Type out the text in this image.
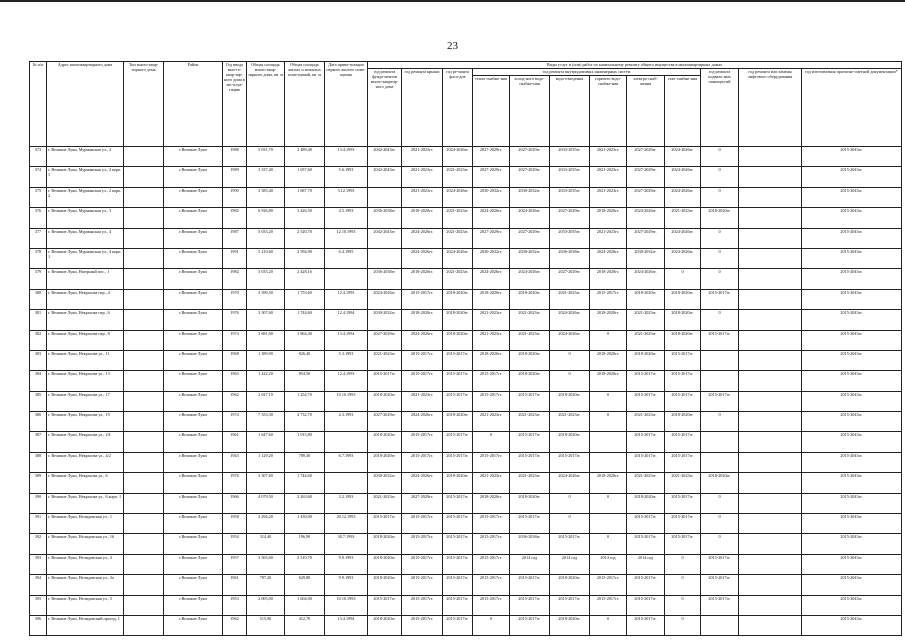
23
№ п/п	Адрес многоквартирного дома	Тип много-квар-тирного дома	Район	Год ввода мно-го-квар-тир-ного дома в экс-плуа-тацию	Общая площадь много-квар-тирного дома, кв. м	Общая площадь жилых и нежилых поме-щений, кв. м	Дата прива-тизации первого жилого поме-щения	Виды услуг и (или) работ по капитальному ремонту общего имущества в многоквартирных домах											
								год ремонта фунда-ментов много-квартир-ного дома	год ремонта крыши	год ре-монта фаса-дов	год ремонта внутридомовых инженерных систем						год ремонта подваль-ных помещен-ий	год ремонта или замены лифтового оборудования	год изготовления проектно-сметной документации*
											тепло-снабже-ния	холод-ного водо-снабже-ния	водо-отведения	горячего водо-снабже-ния	электро-снаб-жения	газо-снабже-ния			
373	г. Великие Луки, Мурманская ул., 2		г.Великие Луки	1988	5 031,70	2 489,40	13.4.1993	2042-2043гг.	2021-2023гг.	2024-2026гг.	2027-2029гг.	2027-2029гг.	2033-2035гг.	2021-2023гг.	2027-2029гг.	2024-2026гг.	0		2015-2043гг.
374	г. Великие Луки, Мурманская ул., 2 корп. 1		г.Великие Луки	1989	3 337,40	1 657,60	5.6.1993	2042-2043гг.	2021-2023гг.	2021-2023гг.	2027-2029гг.	2027-2029гг.	2033-2035гг.	2021-2023гг.	2027-2029гг.	2024-2026гг.	0		2015-2043гг.
375	г. Великие Луки, Мурманская ул., 2 корп. 2		г.Великие Луки	1990	3 385,40	1 687,70	3.12.1993		2021-2023гг.	2024-2026гг.	2030-2032гг.	2030-2032гг.	2033-2035гг.	2021-2023гг.	2027-2029гг.	2024-2026гг.	0		2015-2043гг.
376	г. Великие Луки, Мурманская ул., 3		г.Великие Луки	1982	6 926,80	3 426,50	4.5.1993	2036-2038гг.	2018-2020гг.	2021-2023гг.	2024-2026гг.	2024-2026гг.	2027-2029гг.	2018-2020гг.	2024-2026гг.	2021-2023гг.	2018-2020гг.		2015-2043гг.
377	г. Великие Луки, Мурманская ул., 4		г.Великие Луки	1987	5 033,20	2 520,70	12.10.1993	2042-2043гг.	2024-2026гг.	2021-2023гг.	2027-2029гг.	2027-2029гг.	2033-2035гг.	2021-2023гг.	2027-2029гг.	2024-2026гг.	0		2015-2043гг.
378	г. Великие Луки, Мурманская ул., 4 корп. 1		г.Великие Луки	1991	5 210,60	2 594,90	6.4.1995		2024-2026гг.	2024-2026гг.	2030-2032гг.	2030-2032гг.	2036-2038гг.	2024-2026гг.	2030-2032гг.	2024-2026гг.	0		2015-2043гг.
379	г. Великие Луки, Нагорный пос., 1		г.Великие Луки	1982	3 035,20	2 428,16		2036-2038гг.	2018-2020гг.	2021-2023гг.	2024-2026гг.	2024-2026гг.	2027-2029гг.	2018-2020гг.	2024-2026гг.	0	0		2015-2043гг.
380	г. Великие Луки, Некрасова пер., 4		г.Великие Луки	1970	3 399,50	1 753,60	12.4.1993	2024-2026гг.	2015-2017гг.	2018-2020гг.	2018-2020гг.	2018-2020гг.	2021-2023гг.	2015-2017гг.	2018-2020гг.	2018-2020гг.	2015-2017гг.		2015-2043гг.
381	г. Великие Луки, Некрасова пер., 6		г.Великие Луки	1976	3 307,60	1 744,60	12.4.1994	2030-2032гг.	2018-2020гг.	2018-2020гг.	2021-2023гг.	2021-2023гг.	2024-2026гг.	2018-2020гг.	2021-2023гг.	2018-2020гг.	0		2015-2043гг.
382	г. Великие Луки, Некрасова пер., 8		г.Великие Луки	1974	3 681,00	1 864,40	13.4.1994	2027-2029гг.	2024-2026гг.	2018-2020гг.	2021-2023гг.	2021-2023гг.	2024-2026гг.	0	2021-2023гг.	2018-2020гг.	2015-2017гг.		2015-2043гг.
383	г. Великие Луки, Некрасова ул., 11		г.Великие Луки	1968	1 389,90	826,40	5.3.1993	2021-2023гг.	2015-2017гг.	2015-2017гг.	2018-2020гг.	2018-2020гг.	0	2018-2020гг.	2018-2020гг.	2015-2017гг.			2015-2043гг.
384	г. Великие Луки, Некрасова ул., 13		г.Великие Луки	1963	1 422,20	854,50	12.4.1993	2015-2017гг.	2015-2017гг.	2015-2017гг.	2015-2017гг.	2018-2020гг.	0	2018-2020гг.	2015-2017гг.	2015-2017гг.			2015-2043гг.
385	г. Великие Луки, Некрасова ул., 17		г.Великие Луки	1962	2 027,10	1 254,70	10.10.1993	2018-2020гг.	2021-2023гг.	2015-2017гг.	2015-2017гг.	2015-2017гг.	2018-2020гг.	0	2015-2017гг.	2015-2017гг.	2015-2017гг.		2015-2043гг.
386	г. Великие Луки, Некрасова ул., 19		г.Великие Луки	1974	7 353,30	4 732,70	4.3.1993	2027-2029гг.	2024-2026гг.	2018-2020гг.	2021-2023гг.	2021-2023гг.	2021-2023гг.	0	2021-2023гг.	2018-2020гг.	0		2015-2043гг.
387	г. Великие Луки, Некрасова ул., 2А		г.Великие Луки	1961	1 647,60	1 015,80		2018-2020гг.	2015-2017гг.	2015-2017гг.	0	2015-2017гг.	2018-2020гг.		2015-2017гг.	2015-2017гг.			2015-2043гг.
388	г. Великие Луки, Некрасова ул., 4/2		г.Великие Луки	1943	1 129,20	789,30	6.7.1993	2018-2020гг.	2015-2017гг.	2015-2017гг.	2015-2017гг.	2015-2017гг.	2015-2017гг.		2015-2017гг.	2015-2017гг.			2015-2043гг.
389	г. Великие Луки, Некрасова ул., 6		г.Великие Луки	1976	3 307,60	1 744,60		2030-2032гг.	2024-2026гг.	2018-2020гг.	2021-2023гг.	2021-2023гг.	2024-2026гг.	2018-2020гг.	2021-2023гг.	2021-2023гг.	2018-2020гг.		2015-2043гг.
390	г. Великие Луки, Некрасова ул., 6 корп. 1		г.Великие Луки	1966	4 079,50	3 263,60	3.2.1993	2021-2023гг.	2027-2029гг.	2015-2017гг.	2018-2020гг.	2018-2020гг.	0	0	2018-2020гг.	2015-2017гг.	0		2015-2043гг.
391	г. Великие Луки, Нелидовская ул., 1		г.Великие Луки	1958	2 294,20	1 430,00	20.12.1993	2015-2017гг.	2015-2017гг.	2015-2017гг.	2015-2017гг.	2015-2017гг.	0		2015-2017гг.	2015-2017гг.	0		2015-2043гг.
392	г. Великие Луки, Нелидовская ул., 16		г.Великие Луки	1954	314,40	196,90	30.7.1993	2018-2020гг.	2015-2017гг.	2015-2017гг.	2015-2017гг.	2036-2038гг.	2015-2017гг.	0	2015-2017гг.	2015-2017гг.	0		2015-2043гг.
393	г. Великие Луки, Нелидовская ул., 3		г.Великие Луки	1957	3 365,60	2 510,70	9.9.1993	2018-2020гг.	2015-2017гг.	2015-2017гг.	2015-2017гг.	2014 год	2014 год	2014 год	2014 год	0	2015-2017гг.		2015-2043гг.
394	г. Великие Луки, Нелидовская ул., 3а		г.Великие Луки	1961	787,20	629,80	9.9.1993	2018-2020гг.	2015-2017гг.	2015-2017гг.	2015-2017гг.	2015-2017гг.	2018-2020гг.	2015-2017гг.	2015-2017гг.	0	2015-2017гг.		2015-2043гг.
395	г. Великие Луки, Нелидовская ул., 5		г.Великие Луки	1953	2 005,00	1 604,00	10.10.1993	2015-2017гг.	2015-2017гг.	2015-2017гг.	2015-2017гг.	2015-2017гг.	2015-2017гг.	2015-2017гг.	2015-2017гг.	0	2015-2017гг.		2015-2043гг.
396	г. Великие Луки, Нелидовский проезд, 1		г.Великие Луки	1962	515,90	412,70	13.4.1994	2018-2020гг.	2015-2017гг.	2015-2017гг.	0	2015-2017гг.	2018-2020гг.	0	2015-2017гг.	0			2015-2043гг.
